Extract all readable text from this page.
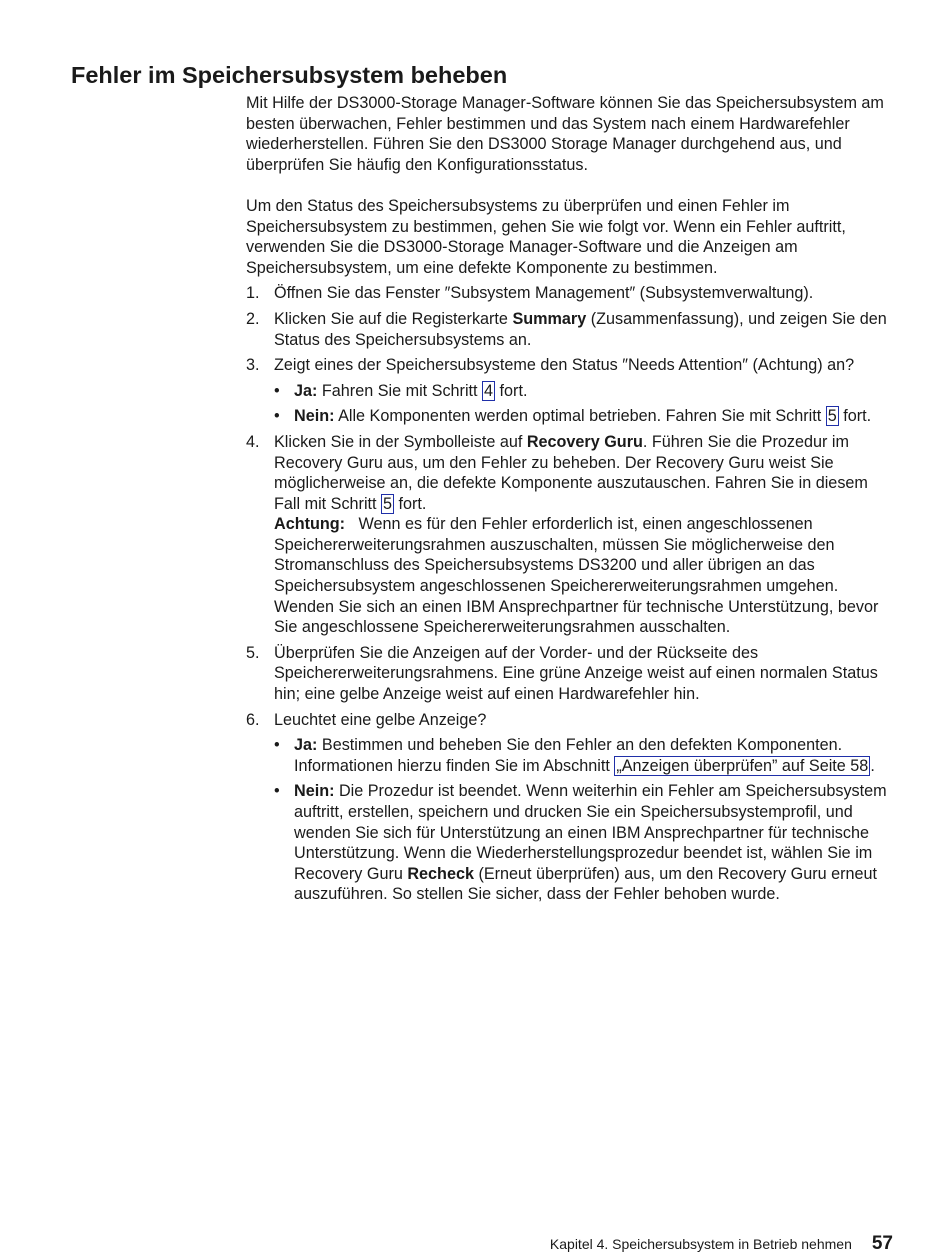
Fehler im Speichersubsystem beheben

Mit Hilfe der DS3000-Storage Manager-Software können Sie das Speichersubsystem am besten überwachen, Fehler bestimmen und das System nach einem Hardwarefehler wiederherstellen. Führen Sie den DS3000 Storage Manager durchgehend aus, und überprüfen Sie häufig den Konfigurationsstatus.

Um den Status des Speichersubsystems zu überprüfen und einen Fehler im Speichersubsystem zu bestimmen, gehen Sie wie folgt vor. Wenn ein Fehler auftritt, verwenden Sie die DS3000-Storage Manager-Software und die Anzeigen am Speichersubsystem, um eine defekte Komponente zu bestimmen.

1. Öffnen Sie das Fenster ″Subsystem Management″ (Subsystemverwaltung).
2. Klicken Sie auf die Registerkarte Summary (Zusammenfassung), und zeigen Sie den Status des Speichersubsystems an.
3. Zeigt eines der Speichersubsysteme den Status ″Needs Attention″ (Achtung) an?
• Ja: Fahren Sie mit Schritt 4 fort.
• Nein: Alle Komponenten werden optimal betrieben. Fahren Sie mit Schritt 5 fort.
4. Klicken Sie in der Symbolleiste auf Recovery Guru. Führen Sie die Prozedur im Recovery Guru aus, um den Fehler zu beheben. Der Recovery Guru weist Sie möglicherweise an, die defekte Komponente auszutauschen. Fahren Sie in diesem Fall mit Schritt 5 fort.

Achtung: Wenn es für den Fehler erforderlich ist, einen angeschlossenen Speichererweiterungsrahmen auszuschalten, müssen Sie möglicherweise den Stromanschluss des Speichersubsystems DS3200 und aller übrigen an das Speichersubsystem angeschlossenen Speichererweiterungsrahmen umgehen. Wenden Sie sich an einen IBM Ansprechpartner für technische Unterstützung, bevor Sie angeschlossene Speichererweiterungsrahmen ausschalten.

5. Überprüfen Sie die Anzeigen auf der Vorder- und der Rückseite des Speichererweiterungsrahmens. Eine grüne Anzeige weist auf einen normalen Status hin; eine gelbe Anzeige weist auf einen Hardwarefehler hin.
6. Leuchtet eine gelbe Anzeige?
• Ja: Bestimmen und beheben Sie den Fehler an den defekten Komponenten. Informationen hierzu finden Sie im Abschnitt „Anzeigen überprüfen” auf Seite 58 .
• Nein: Die Prozedur ist beendet. Wenn weiterhin ein Fehler am Speichersubsystem auftritt, erstellen, speichern und drucken Sie ein Speichersubsystemprofil, und wenden Sie sich für Unterstützung an einen IBM Ansprechpartner für technische Unterstützung. Wenn die Wiederherstellungsprozedur beendet ist, wählen Sie im Recovery Guru Recheck (Erneut überprüfen) aus, um den Recovery Guru erneut auszuführen. So stellen Sie sicher, dass der Fehler behoben wurde.
Kapitel 4. Speichersubsystem in Betrieb nehmen 57
